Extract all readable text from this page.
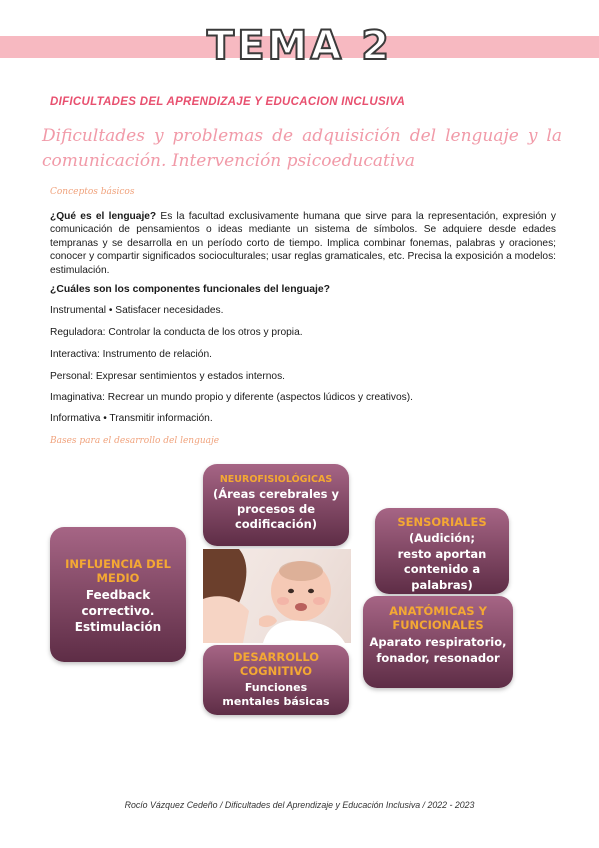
TEMA 2
DIFICULTADES DEL APRENDIZAJE Y EDUCACION INCLUSIVA
Dificultades y problemas de adquisición del lenguaje y la comunicación. Intervención psicoeducativa
Conceptos básicos
¿Qué es el lenguaje? Es la facultad exclusivamente humana que sirve para la representación, expresión y comunicación de pensamientos o ideas mediante un sistema de símbolos. Se adquiere desde edades tempranas y se desarrolla en un período corto de tiempo. Implica combinar fonemas, palabras y oraciones; conocer y compartir significados socioculturales; usar reglas gramaticales, etc. Precisa la exposición a modelos: estimulación.
¿Cuáles son los componentes funcionales del lenguaje?
Instrumental • Satisfacer necesidades.
Reguladora: Controlar la conducta de los otros y propia.
Interactiva: Instrumento de relación.
Personal: Expresar sentimientos y estados internos.
Imaginativa: Recrear un mundo propio y diferente (aspectos lúdicos y creativos).
Informativa • Transmitir información.
Bases para el desarrollo del lenguaje
NEUROFISIOLÓGICAS
(Áreas cerebrales y procesos de codificación)	SENSORIALES
(Audición; resto aportan contenido a palabras)
INFLUENCIA DEL MEDIO
Feedback correctivo. Estimulación
ANATÓMICAS Y FUNCIONALES
Aparato respiratorio, fonador, resonador
DESARROLLO COGNITIVO
Funciones mentales básicas
Rocío Vázquez Cedeño / Dificultades del Aprendizaje y Educación Inclusiva / 2022 - 2023
